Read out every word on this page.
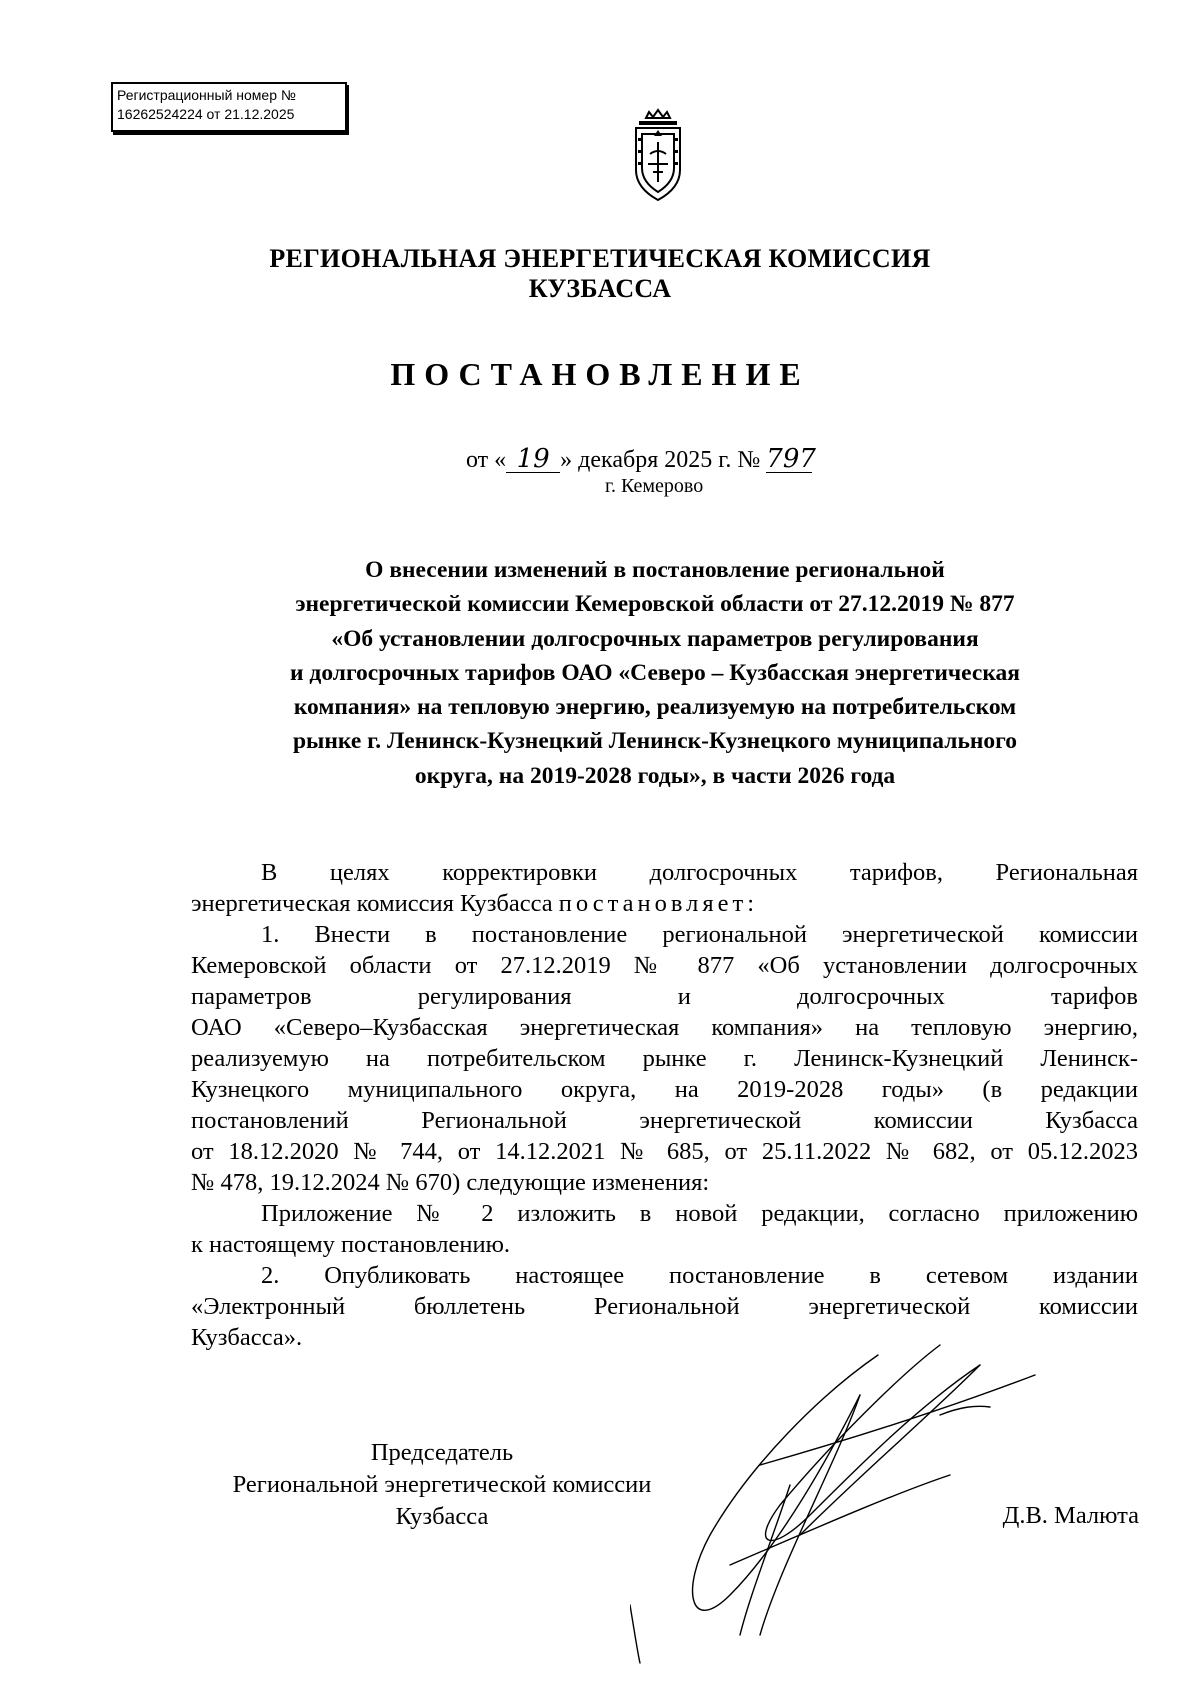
Регистрационный номер №
16262524224 от 21.12.2025
РЕГИОНАЛЬНАЯ ЭНЕРГЕТИЧЕСКАЯ КОМИССИЯ
КУЗБАССА
ПОСТАНОВЛЕНИЕ
от « 19 » декабря 2025 г. № 797
г. Кемерово
О внесении изменений в постановление региональной
энергетической комиссии Кемеровской области от 27.12.2019 № 877
«Об установлении долгосрочных параметров регулирования
и долгосрочных тарифов ОАО «Северо – Кузбасская энергетическая
компания» на тепловую энергию, реализуемую на потребительском
рынке г. Ленинск-Кузнецкий Ленинск-Кузнецкого муниципального
округа, на 2019-2028 годы», в части 2026 года

В целях корректировки долгосрочных тарифов, Региональная
энергетическая комиссия Кузбасса постановляет:

1. Внести в постановление региональной энергетической комиссии
Кемеровской области от 27.12.2019 № 877 «Об установлении долгосрочных
параметров регулирования и долгосрочных тарифов
ОАО «Северо–Кузбасская энергетическая компания» на тепловую энергию,
реализуемую на потребительском рынке г. Ленинск-Кузнецкий Ленинск-
Кузнецкого муниципального округа, на 2019-2028 годы» (в редакции
постановлений Региональной энергетической комиссии Кузбасса
от 18.12.2020 № 744, от 14.12.2021 № 685, от 25.11.2022 № 682, от 05.12.2023
№ 478, 19.12.2024 № 670) следующие изменения:

Приложение № 2 изложить в новой редакции, согласно приложению
к настоящему постановлению.

2. Опубликовать настоящее постановление в сетевом издании
«Электронный бюллетень Региональной энергетической комиссии
Кузбасса».

Председатель
Региональной энергетической комиссии
Кузбасса	Д.В. Малюта
